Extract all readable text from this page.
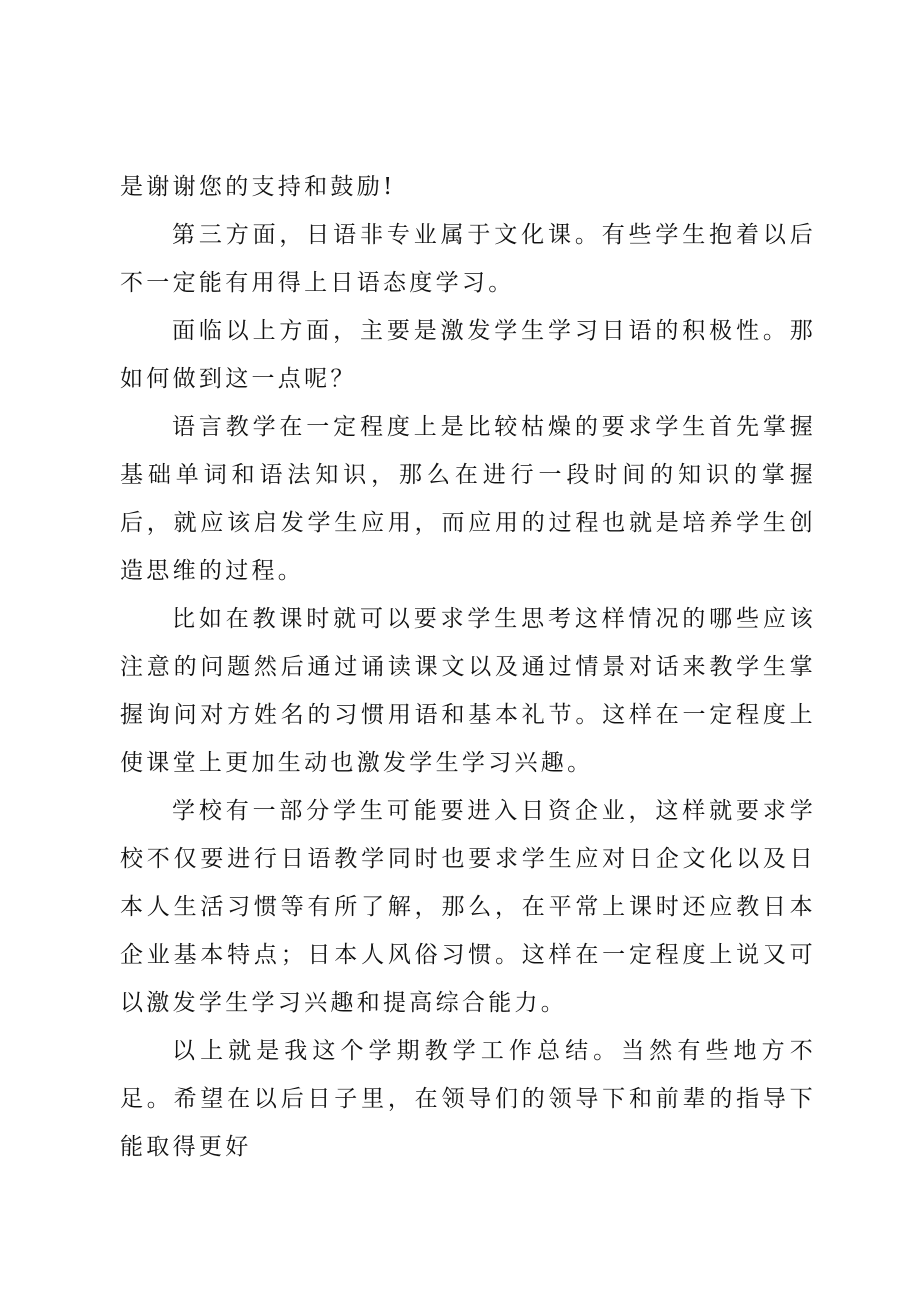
是谢谢您的支持和鼓励!

第三方面，日语非专业属于文化课。有些学生抱着以后不一定能有用得上日语态度学习。

面临以上方面，主要是激发学生学习日语的积极性。那如何做到这一点呢？

语言教学在一定程度上是比较枯燥的要求学生首先掌握基础单词和语法知识，那么在进行一段时间的知识的掌握后，就应该启发学生应用，而应用的过程也就是培养学生创造思维的过程。

比如在教课时就可以要求学生思考这样情况的哪些应该注意的问题然后通过诵读课文以及通过情景对话来教学生掌握询问对方姓名的习惯用语和基本礼节。这样在一定程度上使课堂上更加生动也激发学生学习兴趣。

学校有一部分学生可能要进入日资企业，这样就要求学校不仅要进行日语教学同时也要求学生应对日企文化以及日本人生活习惯等有所了解，那么，在平常上课时还应教日本企业基本特点；日本人风俗习惯。这样在一定程度上说又可以激发学生学习兴趣和提高综合能力。

以上就是我这个学期教学工作总结。当然有些地方不足。希望在以后日子里，在领导们的领导下和前辈的指导下能取得更好
